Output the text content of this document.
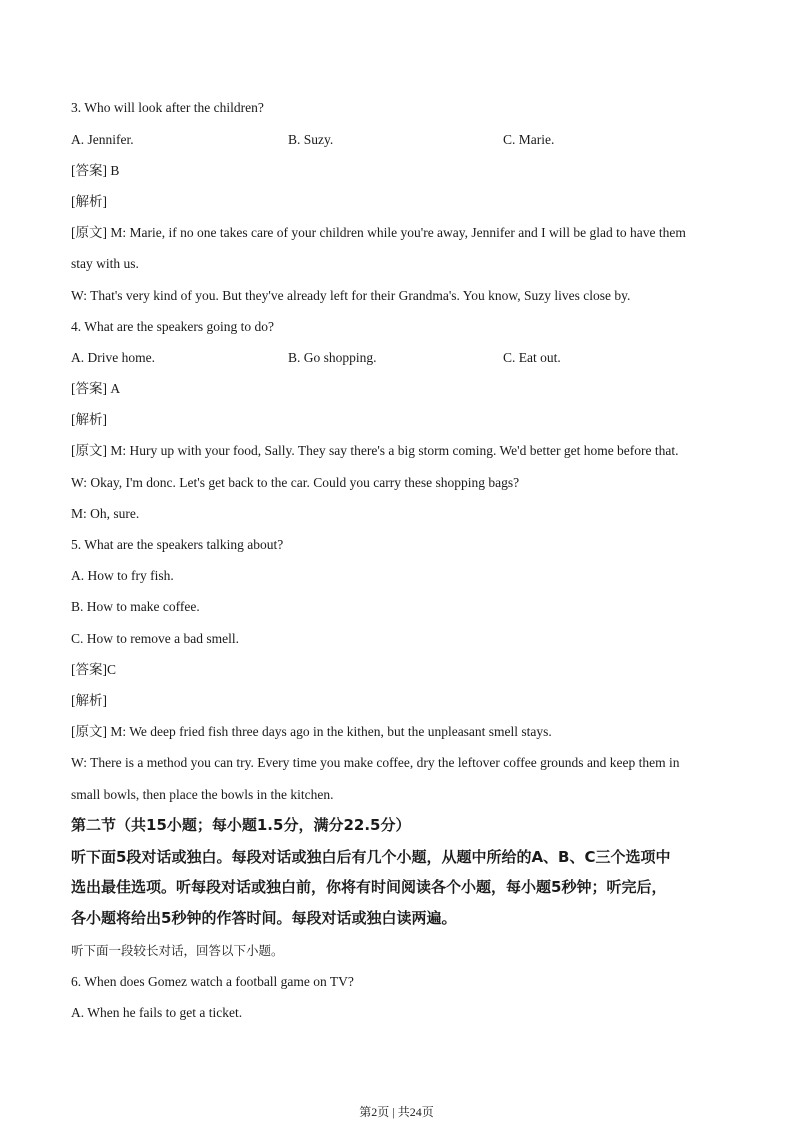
3. Who will look after the children?
A. Jennifer.	B. Suzy.	C. Marie.
[答案] B
[解析]
[原文] M: Marie, if no one takes care of your children while you're away, Jennifer and I will be glad to have them
stay with us.
W: That's very kind of you. But they've already left for their Grandma's. You know, Suzy lives close by.
4. What are the speakers going to do?
A. Drive home.	B. Go shopping.	C. Eat out.
[答案] A
[解析]
[原文] M: Hury up with your food, Sally. They say there's a big storm coming. We'd better get home before that.
W: Okay, I'm donc. Let's get back to the car. Could you carry these shopping bags?
M: Oh, sure.
5. What are the speakers talking about?
A. How to fry fish.
B. How to make coffee.
C. How to remove a bad smell.
[答案]C
[解析]
[原文] M: We deep fried fish three days ago in the kithen, but the unpleasant smell stays.
W: There is a method you can try. Every time you make coffee, dry the leftover coffee grounds and keep them in
small bowls, then place the bowls in the kitchen.
第二节（共15小题；每小题1.5分，满分22.5分）
听下面5段对话或独白。每段对话或独白后有几个小题，从题中所给的A、B、C三个选项中
选出最佳选项。听每段对话或独白前，你将有时间阅读各个小题，每小题5秒钟；听完后，
各小题将给出5秒钟的作答时间。每段对话或独白读两遍。
听下面一段较长对话，回答以下小题。
6. When does Gomez watch a football game on TV?
A. When he fails to get a ticket.
第2页 | 共24页
